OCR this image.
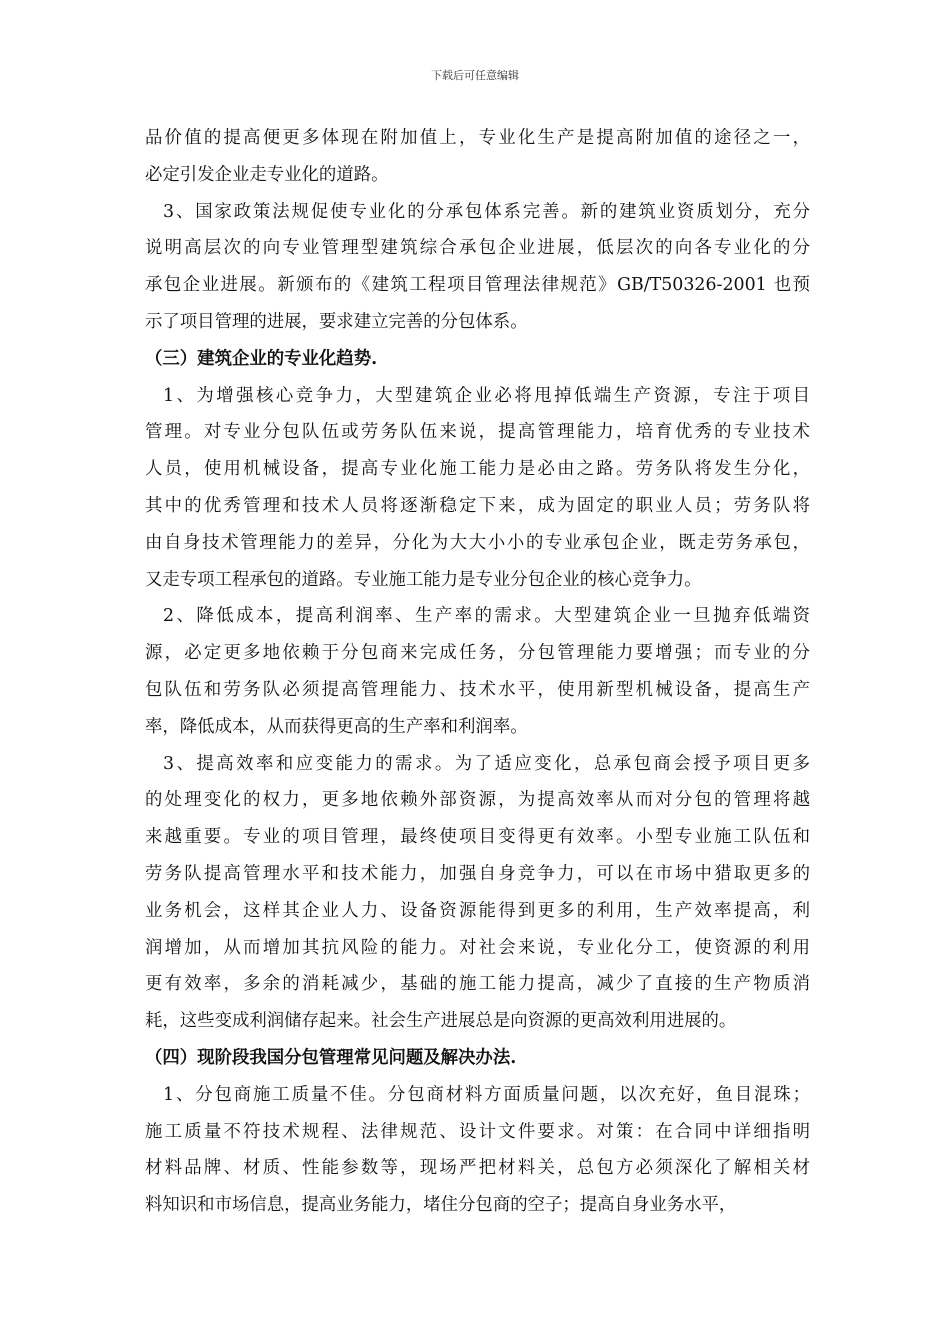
下载后可任意编辑
品价值的提高便更多体现在附加值上，专业化生产是提高附加值的途径之一，
必定引发企业走专业化的道路。
3、国家政策法规促使专业化的分承包体系完善。新的建筑业资质划分，充分
说明高层次的向专业管理型建筑综合承包企业进展，低层次的向各专业化的分
承包企业进展。新颁布的《建筑工程项目管理法律规范》GB/T50326-2001 也预
示了项目管理的进展，要求建立完善的分包体系。
（三）建筑企业的专业化趋势.
1、为增强核心竞争力，大型建筑企业必将甩掉低端生产资源，专注于项目
管理。对专业分包队伍或劳务队伍来说，提高管理能力，培育优秀的专业技术
人员，使用机械设备，提高专业化施工能力是必由之路。劳务队将发生分化，
其中的优秀管理和技术人员将逐渐稳定下来，成为固定的职业人员；劳务队将
由自身技术管理能力的差异，分化为大大小小的专业承包企业，既走劳务承包，
又走专项工程承包的道路。专业施工能力是专业分包企业的核心竞争力。
2、降低成本，提高利润率、生产率的需求。大型建筑企业一旦抛弃低端资
源，必定更多地依赖于分包商来完成任务，分包管理能力要增强；而专业的分
包队伍和劳务队必须提高管理能力、技术水平，使用新型机械设备，提高生产
率，降低成本，从而获得更高的生产率和利润率。
3、提高效率和应变能力的需求。为了适应变化，总承包商会授予项目更多
的处理变化的权力，更多地依赖外部资源，为提高效率从而对分包的管理将越
来越重要。专业的项目管理，最终使项目变得更有效率。小型专业施工队伍和
劳务队提高管理水平和技术能力，加强自身竞争力，可以在市场中猎取更多的
业务机会，这样其企业人力、设备资源能得到更多的利用，生产效率提高，利
润增加，从而增加其抗风险的能力。对社会来说，专业化分工，使资源的利用
更有效率，多余的消耗减少，基础的施工能力提高，减少了直接的生产物质消
耗，这些变成利润储存起来。社会生产进展总是向资源的更高效利用进展的。
（四）现阶段我国分包管理常见问题及解决办法.
1、分包商施工质量不佳。分包商材料方面质量问题，以次充好，鱼目混珠；
施工质量不符技术规程、法律规范、设计文件要求。对策：在合同中详细指明
材料品牌、材质、性能参数等，现场严把材料关，总包方必须深化了解相关材
料知识和市场信息，提高业务能力，堵住分包商的空子；提高自身业务水平，
